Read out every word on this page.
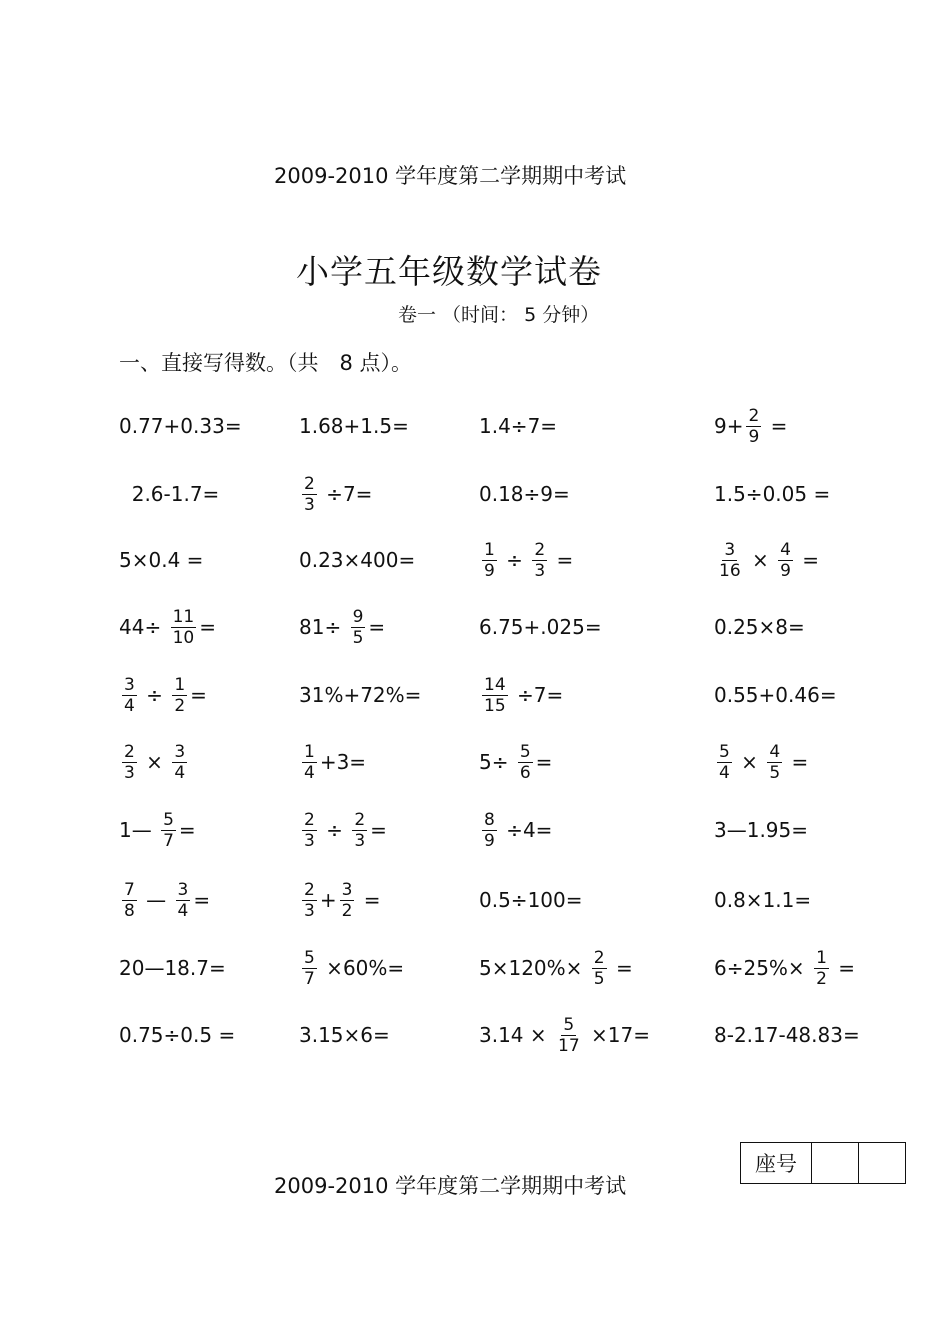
2009-2010 学年度第二学期期中考试
小学五年级数学试卷
卷一 （时间： 5 分钟）
一、直接写得数。（共　8 点）。
0.77+0.33=	1.68+1.5=	1.4÷7=	$9+ \frac{2}{9}$ =
2.6-1.7=	$\frac{2}{3} \div 7=$	0.18÷9=	1.5÷0.05 =
5×0.4 =	0.23×400=	$\frac{1}{9} \div \frac{2}{3}$ =	$\frac{3}{16} \times \frac{4}{9}$ =
$44\div \frac{11}{10}$ =	$81\div \frac{9}{5}$ =	6.75+.025=	0.25×8=
$\frac{3}{4} \div \frac{1}{2}$ =	31%+72%=	$\frac{14}{15} \div 7=$	0.55+0.46=
$\frac{2}{3} \times \frac{3}{4}$	$\frac{1}{4} +3=$	$5\div \frac{5}{6}$ =	$\frac{5}{4} \times \frac{4}{5}$ =
1— $\frac{5}{7}$ =	$\frac{2}{3} \div \frac{2}{3}$ =	$\frac{8}{9} \div 4=$	3—1.95=
$\frac{7}{8}$ — $\frac{3}{4}$ =	$\frac{2}{3} + \frac{3}{2}$ =	0.5÷100=	0.8×1.1=
20—18.7=	$\frac{5}{7} \times 60\%=$	$5\times 120\%\times \frac{2}{5}$ =	$6\div 25\%\times \frac{1}{2}$ =
0.75÷0.5 =	3.15×6=	$3.14 \times \frac{5}{17} \times 17=$	8-2.17-48.83=
座号
2009-2010 学年度第二学期期中考试
